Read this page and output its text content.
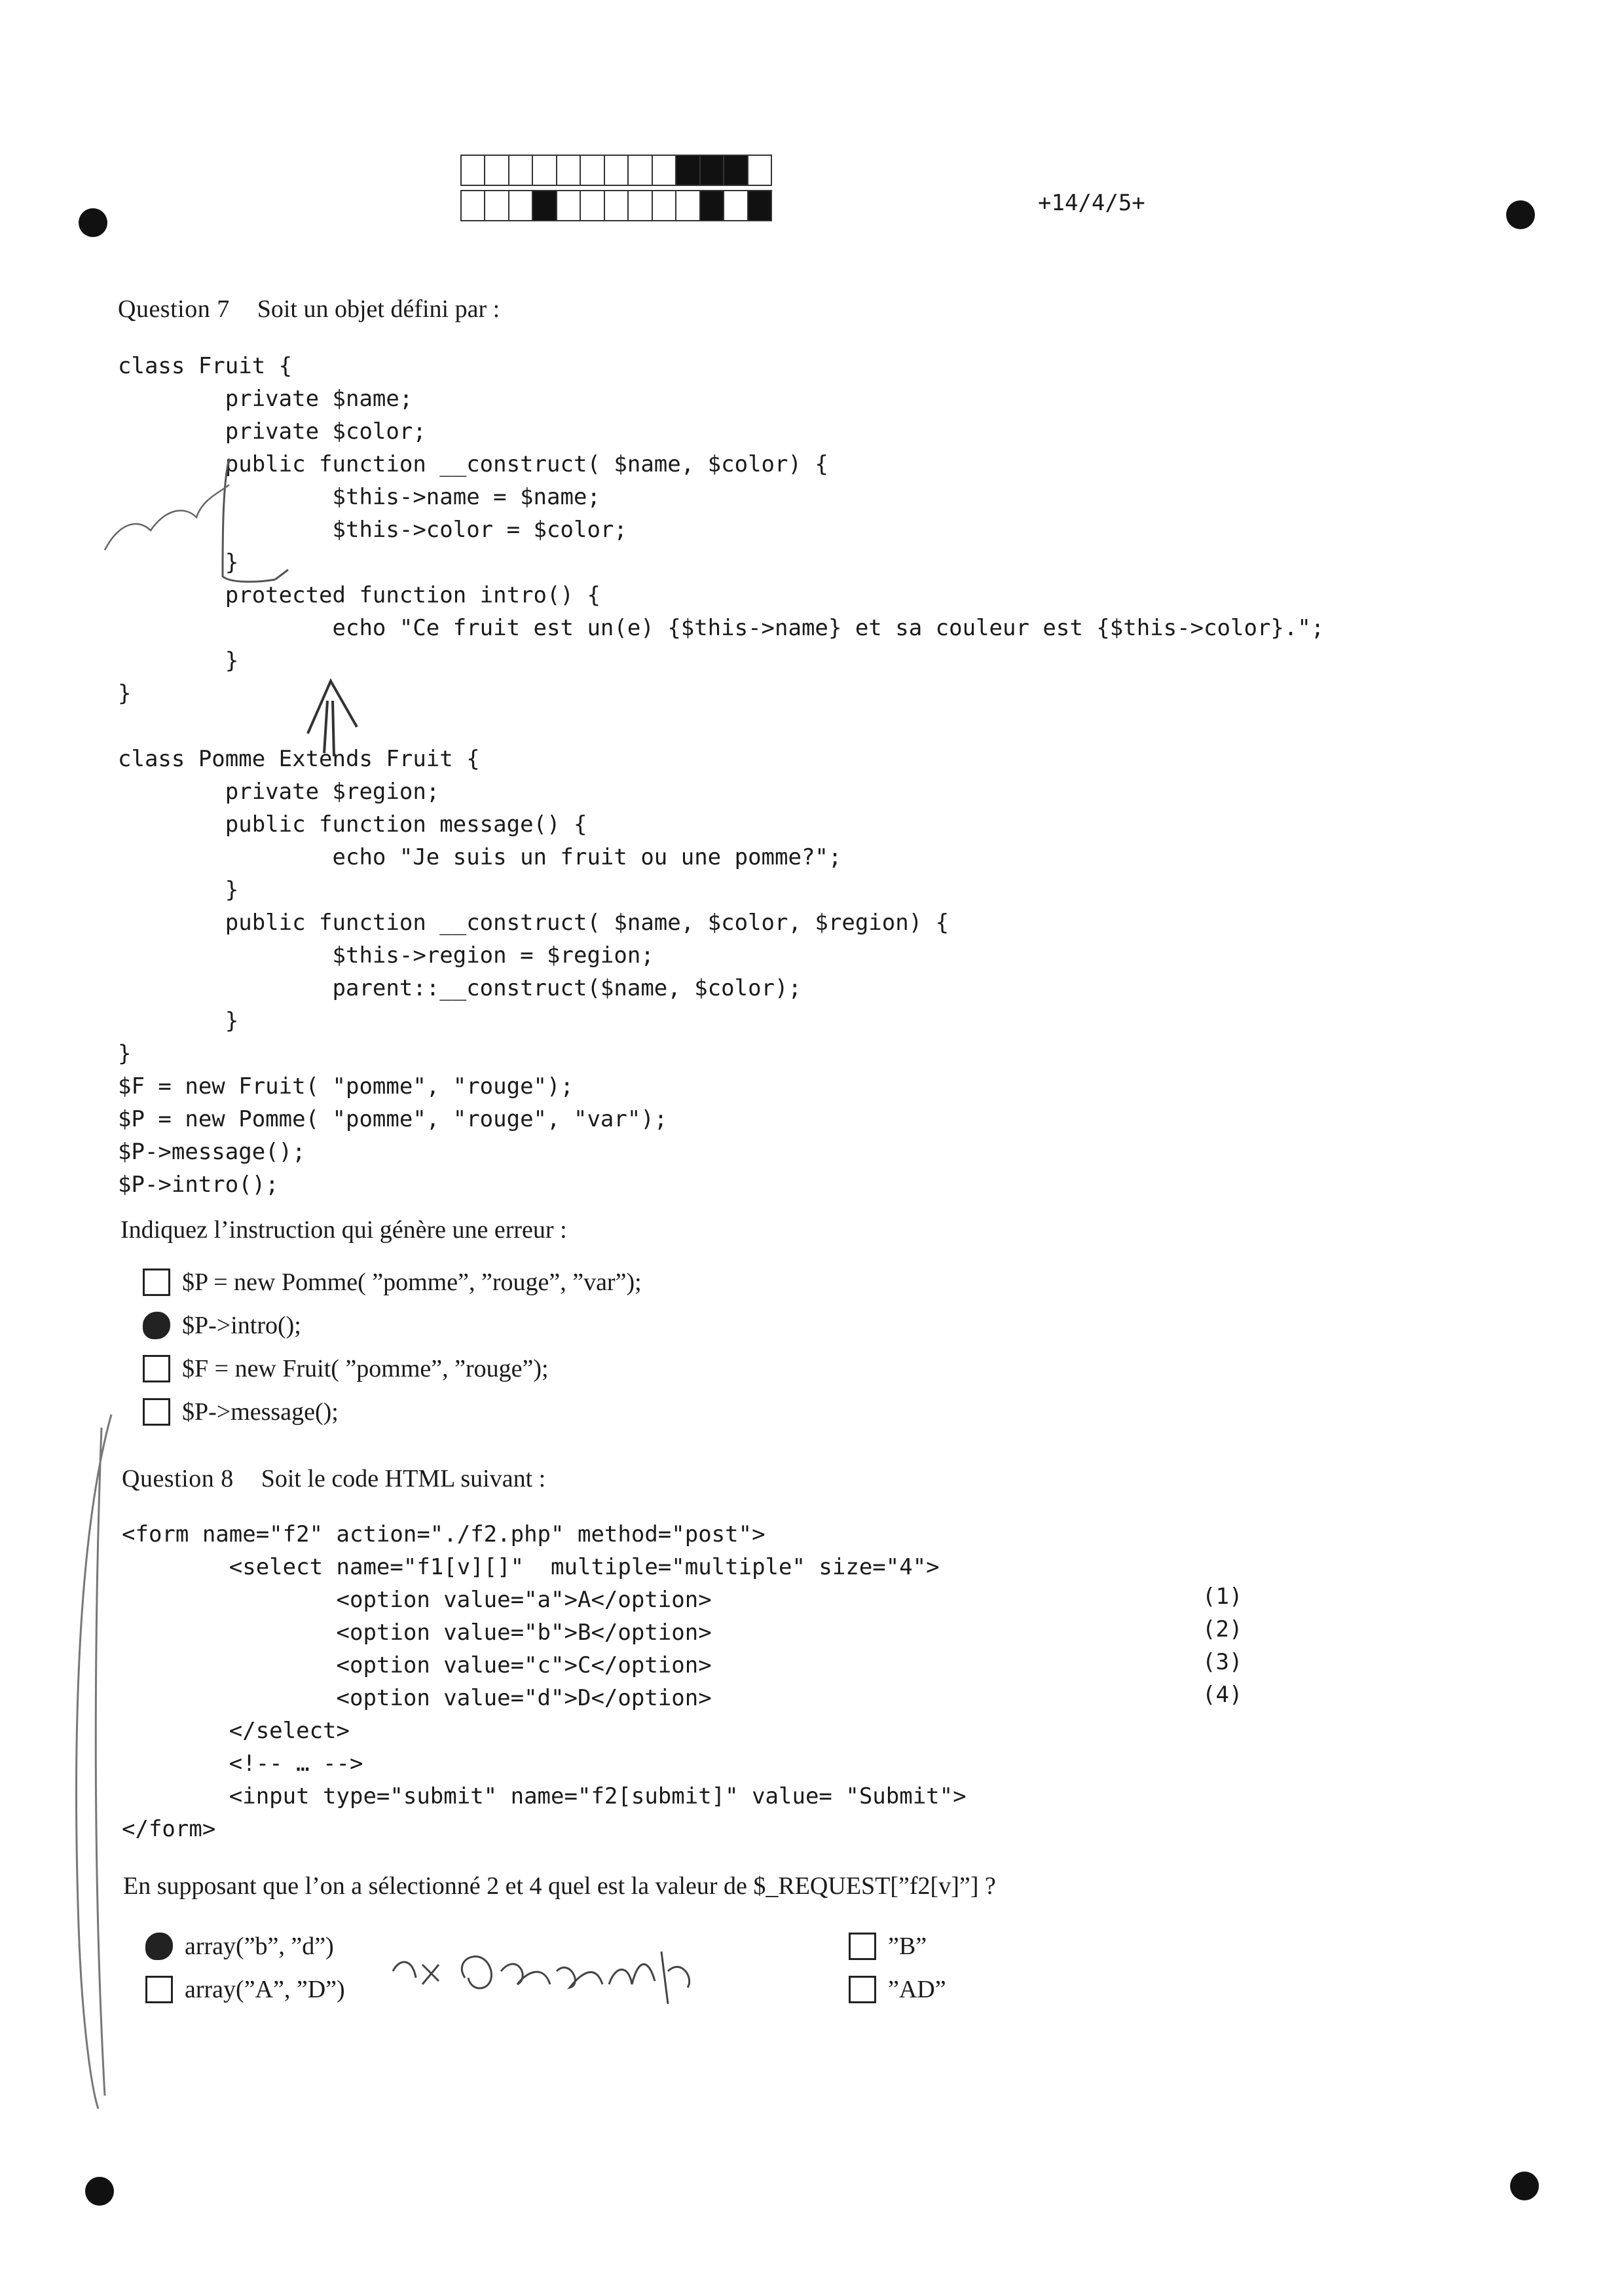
+14/4/5+
Question 7 Soit un objet défini par :
class Fruit {
private $name;
private $color;
public function __construct( $name, $color) {
$this->name = $name;
$this->color = $color;
}
protected function intro() {
echo "Ce fruit est un(e) {$this->name} et sa couleur est {$this->color}.";
}
}
class Pomme Extends Fruit {
private $region;
public function message() {
echo "Je suis un fruit ou une pomme?";
}
public function __construct( $name, $color, $region) {
$this->region = $region;
parent::__construct($name, $color);
}
}
$F = new Fruit( "pomme", "rouge");
$P = new Pomme( "pomme", "rouge", "var");
$P->message();
$P->intro();
Indiquez l’instruction qui génère une erreur :
$P = new Pomme( ”pomme”, ”rouge”, ”var”);
$P->intro();
$F = new Fruit( ”pomme”, ”rouge”);
$P->message();
Question 8 Soit le code HTML suivant :
<form name="f2" action="./f2.php" method="post">
<select name="f1[v][]"  multiple="multiple" size="4">
<option value="a">A</option>
<option value="b">B</option>
<option value="c">C</option>
<option value="d">D</option>
</select>
<!-- … -->
<input type="submit" name="f2[submit]" value= "Submit">
</form>
(1)
(2)
(3)
(4)
En supposant que l’on a sélectionné 2 et 4 quel est la valeur de $_REQUEST[”f2[v]”] ?
array(”b”, ”d”)
array(”A”, ”D”)
”B”
”AD”
